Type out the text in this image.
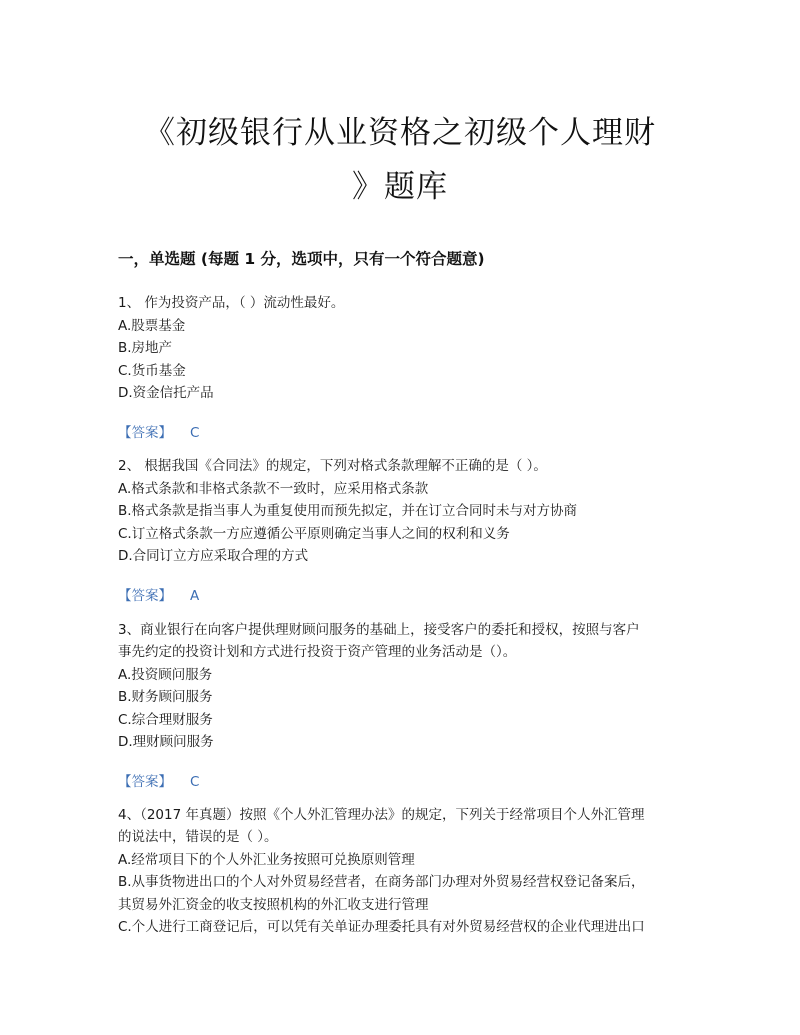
《初级银行从业资格之初级个人理财
》题库
一，单选题 (每题 1 分，选项中，只有一个符合题意)
1、 作为投资产品，（ ）流动性最好。
A.股票基金
B.房地产
C.货币基金
D.资金信托产品
【答案】 C
2、 根据我国《合同法》的规定，下列对格式条款理解不正确的是（ ）。
A.格式条款和非格式条款不一致时，应采用格式条款
B.格式条款是指当事人为重复使用而预先拟定，并在订立合同时未与对方协商
C.订立格式条款一方应遵循公平原则确定当事人之间的权利和义务
D.合同订立方应采取合理的方式
【答案】 A
3、商业银行在向客户提供理财顾问服务的基础上，接受客户的委托和授权，按照与客户
事先约定的投资计划和方式进行投资于资产管理的业务活动是（）。
A.投资顾问服务
B.财务顾问服务
C.综合理财服务
D.理财顾问服务
【答案】 C
4、（2017 年真题）按照《个人外汇管理办法》的规定，下列关于经常项目个人外汇管理
的说法中，错误的是（ ）。
A.经常项目下的个人外汇业务按照可兑换原则管理
B.从事货物进出口的个人对外贸易经营者，在商务部门办理对外贸易经营权登记备案后，
其贸易外汇资金的收支按照机构的外汇收支进行管理
C.个人进行工商登记后，可以凭有关单证办理委托具有对外贸易经营权的企业代理进出口
